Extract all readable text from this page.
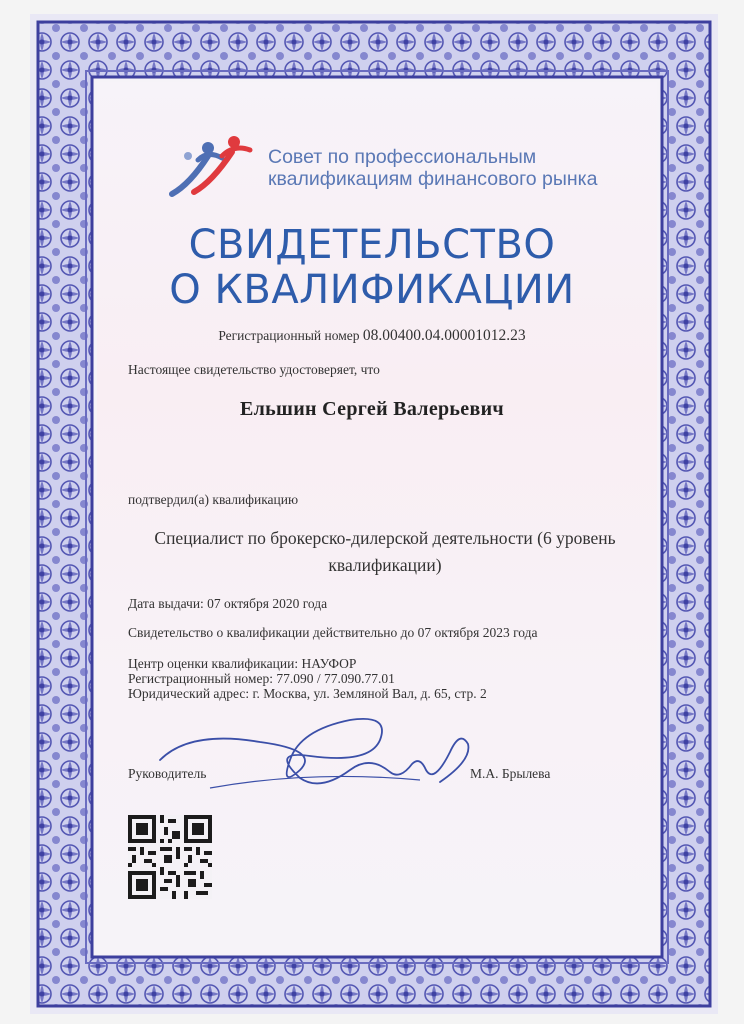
Совет по профессиональным
квалификациям финансового рынка
СВИДЕТЕЛЬСТВО
О КВАЛИФИКАЦИИ
Регистрационный номер 08.00400.04.00001012.23
Настоящее свидетельство удостоверяет, что
Ельшин Сергей Валерьевич
подтвердил(а) квалификацию
Специалист по брокерско-дилерской деятельности (6 уровень
квалификации)
Дата выдачи: 07 октября 2020 года
Свидетельство о квалификации действительно до 07 октября 2023 года
Центр оценки квалификации: НАУФОР
Регистрационный номер: 77.090 / 77.090.77.01
Юридический адрес: г. Москва, ул. Земляной Вал, д. 65, стр. 2
Руководитель	М.А. Брылева
